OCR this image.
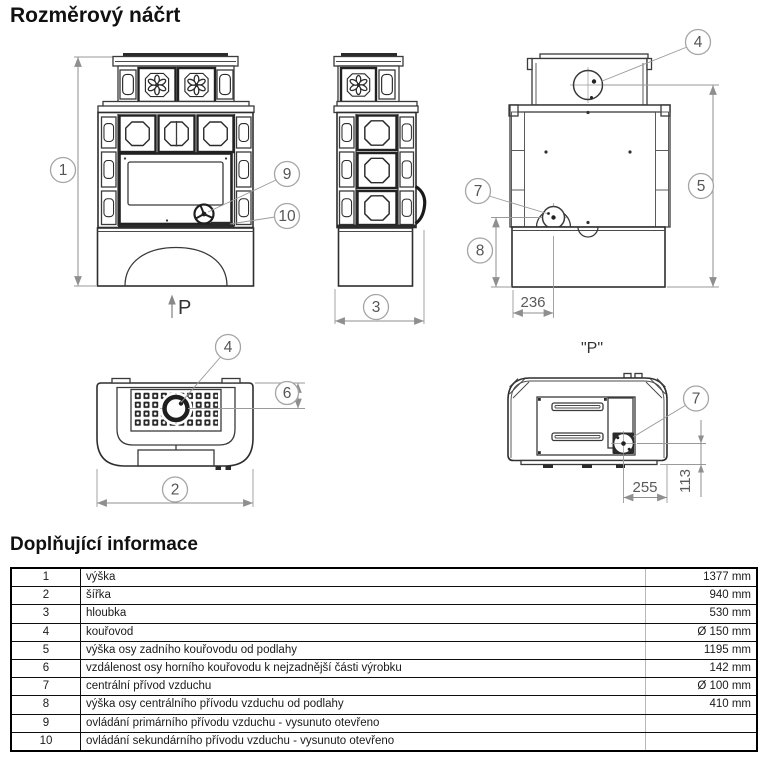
Rozměrový náčrt
P
1	9
10
3
4
5
7
8
236
4
6
2
"P"
7
255 113
Doplňující informace
1	výška	1377 mm
2	šířka	940 mm
3	hloubka	530 mm
4	kouřovod	Ø 150 mm
5	výška osy zadního kouřovodu od podlahy	1195 mm
6	vzdálenost osy horního kouřovodu k nejzadnější části výrobku	142 mm
7	centrální přívod vzduchu	Ø 100 mm
8	výška osy centrálního přívodu vzduchu od podlahy	410 mm
9	ovládání primárního přívodu vzduchu - vysunuto otevřeno	
10	ovládání sekundárního přívodu vzduchu - vysunuto otevřeno	
